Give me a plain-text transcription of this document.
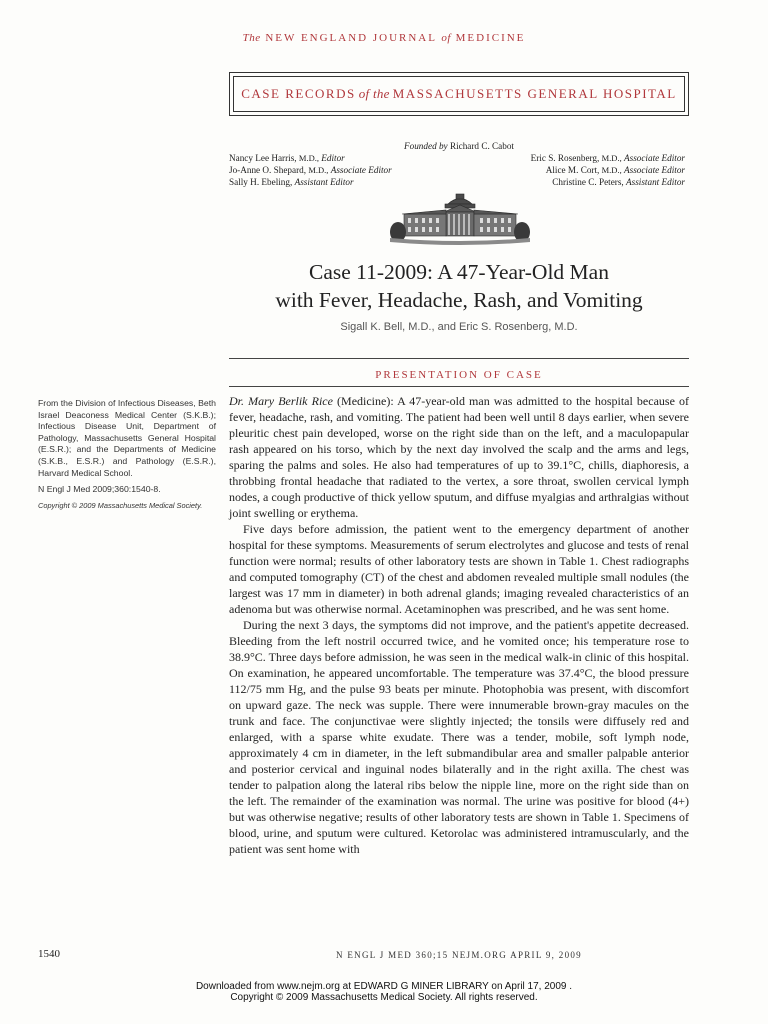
The NEW ENGLAND JOURNAL of MEDICINE
CASE RECORDS of the MASSACHUSETTS GENERAL HOSPITAL
Founded by Richard C. Cabot
Nancy Lee Harris, M.D., Editor
Jo-Anne O. Shepard, M.D., Associate Editor
Sally H. Ebeling, Assistant Editor
Eric S. Rosenberg, M.D., Associate Editor
Alice M. Cort, M.D., Associate Editor
Christine C. Peters, Assistant Editor
Case 11-2009: A 47-Year-Old Man
with Fever, Headache, Rash, and Vomiting
Sigall K. Bell, M.D., and Eric S. Rosenberg, M.D.
PRESENTATION OF CASE

From the Division of Infectious Diseases, Beth Israel Deaconess Medical Center (S.K.B.); Infectious Disease Unit, Department of Pathology, Massachusetts General Hospital (E.S.R.); and the Departments of Medicine (S.K.B., E.S.R.) and Pathology (E.S.R.), Harvard Medical School.

N Engl J Med 2009;360:1540-8.

Copyright © 2009 Massachusetts Medical Society.

Dr. Mary Berlik Rice (Medicine): A 47-year-old man was admitted to the hospital because of fever, headache, rash, and vomiting. The patient had been well until 8 days earlier, when severe pleuritic chest pain developed, worse on the right side than on the left, and a maculopapular rash appeared on his torso, which by the next day involved the scalp and the arms and legs, sparing the palms and soles. He also had temperatures of up to 39.1°C, chills, diaphoresis, a throbbing frontal headache that radiated to the vertex, a sore throat, swollen cervical lymph nodes, a cough productive of thick yellow sputum, and diffuse myalgias and arthralgias without joint swelling or erythema.

Five days before admission, the patient went to the emergency department of another hospital for these symptoms. Measurements of serum electrolytes and glucose and tests of renal function were normal; results of other laboratory tests are shown in Table 1. Chest radiographs and computed tomography (CT) of the chest and abdomen revealed multiple small nodules (the largest was 17 mm in diameter) in both adrenal glands; imaging revealed characteristics of an adenoma but was otherwise normal. Acetaminophen was prescribed, and he was sent home.

During the next 3 days, the symptoms did not improve, and the patient's appetite decreased. Bleeding from the left nostril occurred twice, and he vomited once; his temperature rose to 38.9°C. Three days before admission, he was seen in the medical walk-in clinic of this hospital. On examination, he appeared uncomfortable. The temperature was 37.4°C, the blood pressure 112/75 mm Hg, and the pulse 93 beats per minute. Photophobia was present, with discomfort on upward gaze. The neck was supple. There were innumerable brown-gray macules on the trunk and face. The conjunctivae were slightly injected; the tonsils were diffusely red and enlarged, with a sparse white exudate. There was a tender, mobile, soft lymph node, approximately 4 cm in diameter, in the left submandibular area and smaller palpable anterior and posterior cervical and inguinal nodes bilaterally and in the right axilla. The chest was tender to palpation along the lateral ribs below the nipple line, more on the right side than on the left. The remainder of the examination was normal. The urine was positive for blood (4+) but was otherwise negative; results of other laboratory tests are shown in Table 1. Specimens of blood, urine, and sputum were cultured. Ketorolac was administered intramuscularly, and the patient was sent home with

1540	N ENGL J MED 360;15 NEJM.ORG APRIL 9, 2009
Downloaded from www.nejm.org at EDWARD G MINER LIBRARY on April 17, 2009 .
Copyright © 2009 Massachusetts Medical Society. All rights reserved.
